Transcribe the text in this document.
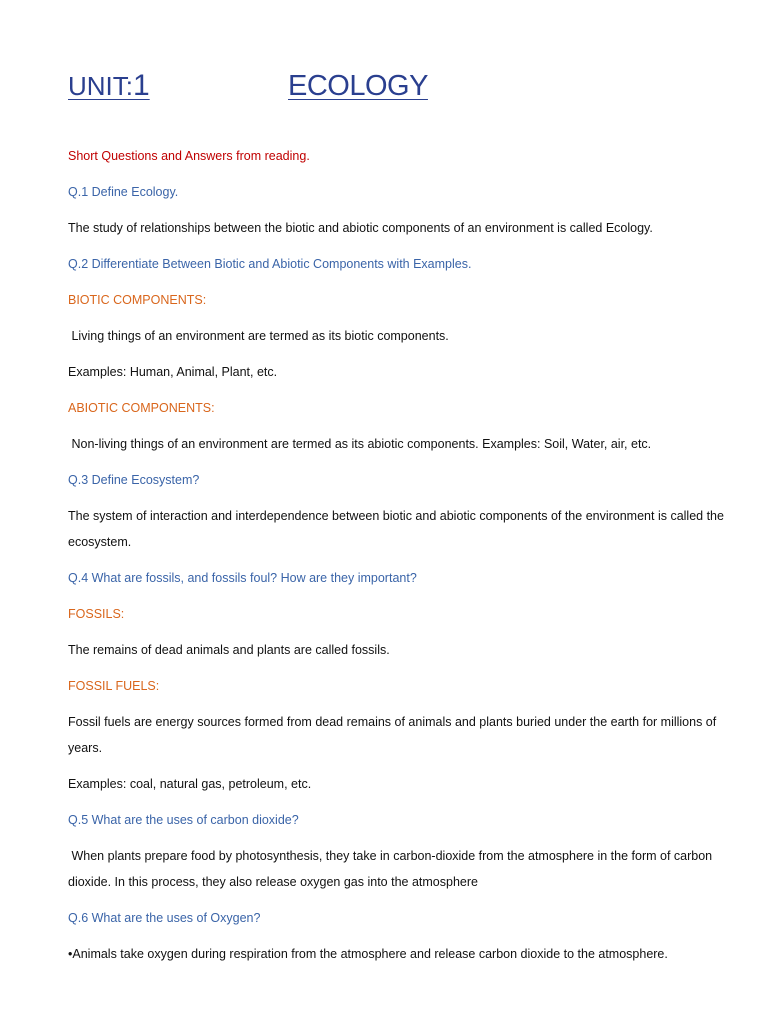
UNIT:1	ECOLOGY

Short Questions and Answers from reading.

Q.1 Define Ecology.

The study of relationships between the biotic and abiotic components of an environment is called Ecology.

Q.2 Differentiate Between Biotic and Abiotic Components with Examples.

BIOTIC COMPONENTS:

Living things of an environment are termed as its biotic components.

Examples: Human, Animal, Plant, etc.

ABIOTIC COMPONENTS:

Non-living things of an environment are termed as its abiotic components. Examples: Soil, Water, air, etc.

Q.3 Define Ecosystem?

The system of interaction and interdependence between biotic and abiotic components of the environment is called the ecosystem.

Q.4 What are fossils, and fossils foul? How are they important?

FOSSILS:

The remains of dead animals and plants are called fossils.

FOSSIL FUELS:

Fossil fuels are energy sources formed from dead remains of animals and plants buried under the earth for millions of years.

Examples: coal, natural gas, petroleum, etc.

Q.5 What are the uses of carbon dioxide?

When plants prepare food by photosynthesis, they take in carbon-dioxide from the atmosphere in the form of carbon dioxide. In this process, they also release oxygen gas into the atmosphere

Q.6 What are the uses of Oxygen?

•Animals take oxygen during respiration from the atmosphere and release carbon dioxide to the atmosphere.
